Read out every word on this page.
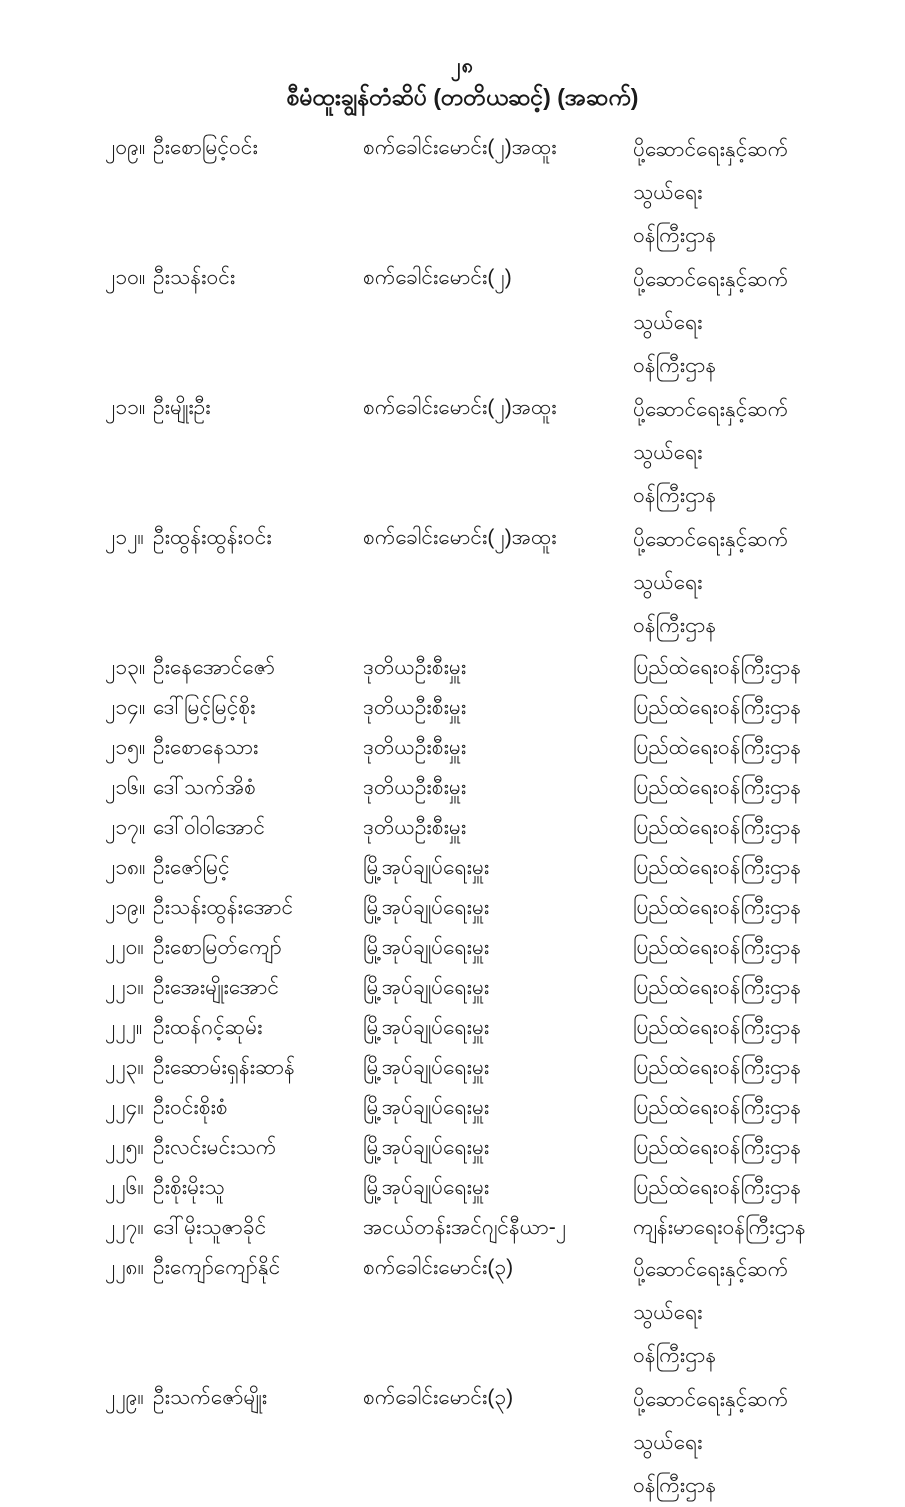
၂၈
စီမံထူးချွန်တံဆိပ် (တတိယဆင့်) (အဆက်)
၂၀၉။ ဦးစောမြင့်ဝင်း	စက်ခေါင်းမောင်း(၂)အထူး	ပို့ဆောင်ရေးနှင့်ဆက်သွယ်ရေး
ဝန်ကြီးဌာန
၂၁၀။ ဦးသန်းဝင်း	စက်ခေါင်းမောင်း(၂)	ပို့ဆောင်ရေးနှင့်ဆက်သွယ်ရေး
ဝန်ကြီးဌာန
၂၁၁။ ဦးမျိုးဦး	စက်ခေါင်းမောင်း(၂)အထူး	ပို့ဆောင်ရေးနှင့်ဆက်သွယ်ရေး
ဝန်ကြီးဌာန
၂၁၂။ ဦးထွန်းထွန်းဝင်း	စက်ခေါင်းမောင်း(၂)အထူး	ပို့ဆောင်ရေးနှင့်ဆက်သွယ်ရေး
ဝန်ကြီးဌာန
၂၁၃။ ဦးနေအောင်ဇော်	ဒုတိယဦးစီးမှူး	ပြည်ထဲရေးဝန်ကြီးဌာန
၂၁၄။ ဒေါ်မြင့်မြင့်စိုး	ဒုတိယဦးစီးမှူး	ပြည်ထဲရေးဝန်ကြီးဌာန
၂၁၅။ ဦးစောနေသား	ဒုတိယဦးစီးမှူး	ပြည်ထဲရေးဝန်ကြီးဌာန
၂၁၆။ ဒေါ်သက်အိစံ	ဒုတိယဦးစီးမှူး	ပြည်ထဲရေးဝန်ကြီးဌာန
၂၁၇။ ဒေါ်ဝါဝါအောင်	ဒုတိယဦးစီးမှူး	ပြည်ထဲရေးဝန်ကြီးဌာန
၂၁၈။ ဦးဇော်မြင့်	မြို့အုပ်ချုပ်ရေးမှူး	ပြည်ထဲရေးဝန်ကြီးဌာန
၂၁၉။ ဦးသန်းထွန်းအောင်	မြို့အုပ်ချုပ်ရေးမှူး	ပြည်ထဲရေးဝန်ကြီးဌာန
၂၂၀။ ဦးစောမြတ်ကျော်	မြို့အုပ်ချုပ်ရေးမှူး	ပြည်ထဲရေးဝန်ကြီးဌာန
၂၂၁။ ဦးအေးမျိုးအောင်	မြို့အုပ်ချုပ်ရေးမှူး	ပြည်ထဲရေးဝန်ကြီးဌာန
၂၂၂။ ဦးထန်ဂင့်ဆုမ်း	မြို့အုပ်ချုပ်ရေးမှူး	ပြည်ထဲရေးဝန်ကြီးဌာန
၂၂၃။ ဦးဆောမ်းရှန်းဆာန်	မြို့အုပ်ချုပ်ရေးမှူး	ပြည်ထဲရေးဝန်ကြီးဌာန
၂၂၄။ ဦးဝင်းစိုးစံ	မြို့အုပ်ချုပ်ရေးမှူး	ပြည်ထဲရေးဝန်ကြီးဌာန
၂၂၅။ ဦးလင်းမင်းသက်	မြို့အုပ်ချုပ်ရေးမှူး	ပြည်ထဲရေးဝန်ကြီးဌာန
၂၂၆။ ဦးစိုးမိုးသူ	မြို့အုပ်ချုပ်ရေးမှူး	ပြည်ထဲရေးဝန်ကြီးဌာန
၂၂၇။ ဒေါ်မိုးသူဇာခိုင်	အငယ်တန်းအင်ဂျင်နီယာ-၂	ကျန်းမာရေးဝန်ကြီးဌာန
၂၂၈။ ဦးကျော်ကျော်နိုင်	စက်ခေါင်းမောင်း(၃)	ပို့ဆောင်ရေးနှင့်ဆက်သွယ်ရေး
ဝန်ကြီးဌာန
၂၂၉။ ဦးသက်ဇော်မျိုး	စက်ခေါင်းမောင်း(၃)	ပို့ဆောင်ရေးနှင့်ဆက်သွယ်ရေး
ဝန်ကြီးဌာန
